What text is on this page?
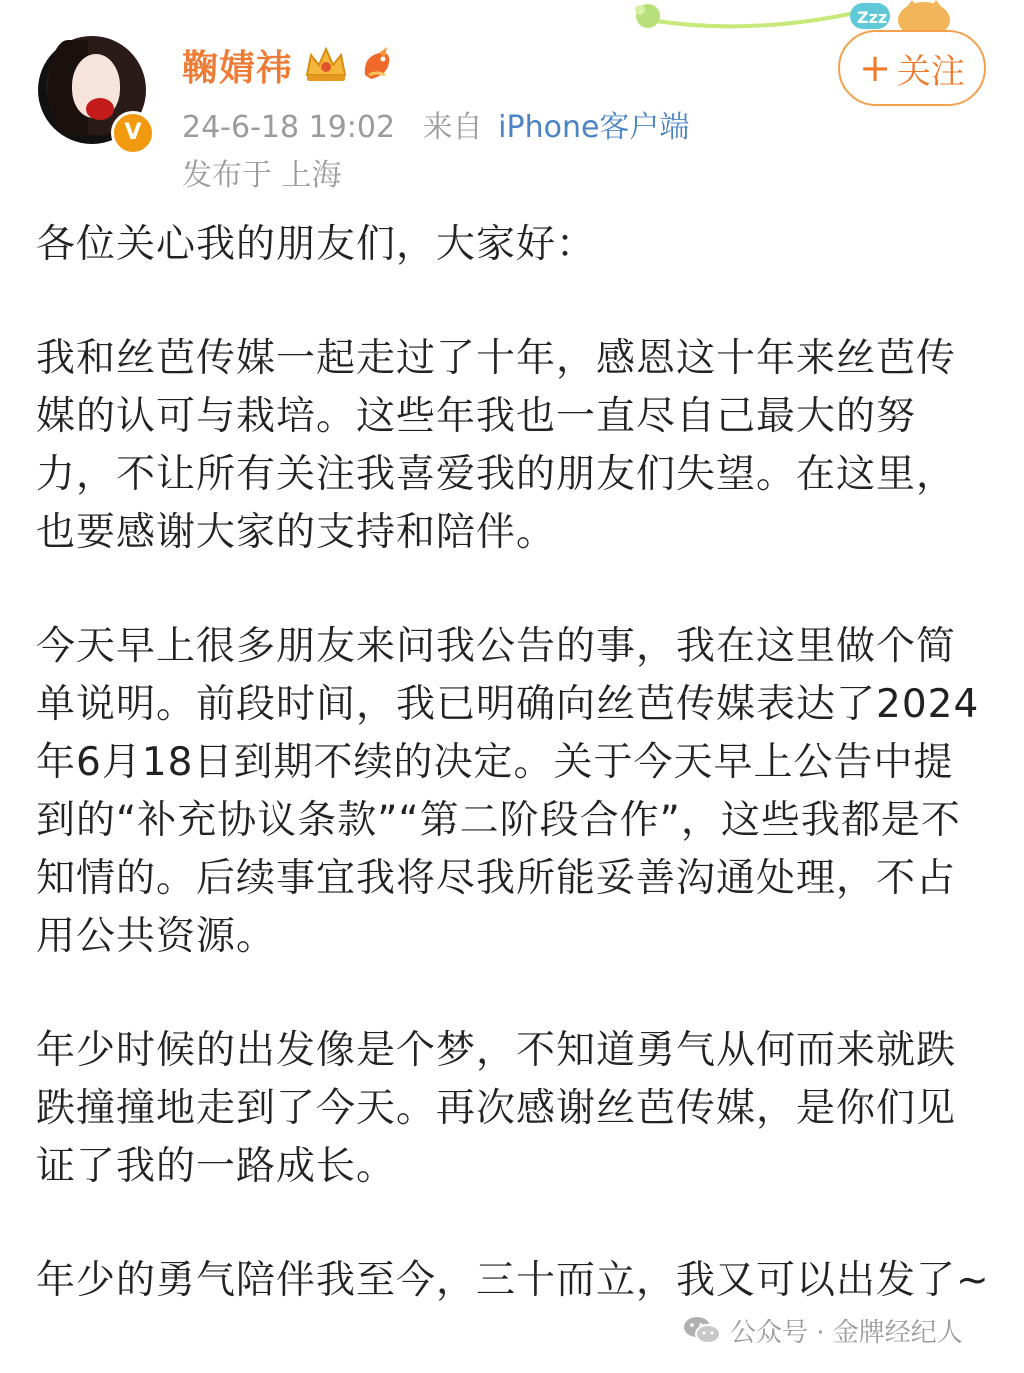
Zzz
V
鞠婧祎
24-6-18 19:02 来自 iPhone客户端
发布于 上海
+ 关注

各位关心我的朋友们，大家好：

我和丝芭传媒一起走过了十年，感恩这十年来丝芭传媒的认可与栽培。这些年我也一直尽自己最大的努力，不让所有关注我喜爱我的朋友们失望。在这里，也要感谢大家的支持和陪伴。

今天早上很多朋友来问我公告的事，我在这里做个简单说明。前段时间，我已明确向丝芭传媒表达了2024年6月18日到期不续的决定。关于今天早上公告中提到的“补充协议条款”“第二阶段合作”，这些我都是不知情的。后续事宜我将尽我所能妥善沟通处理，不占用公共资源。

年少时候的出发像是个梦，不知道勇气从何而来就跌跌撞撞地走到了今天。再次感谢丝芭传媒，是你们见证了我的一路成长。

年少的勇气陪伴我至今，三十而立，我又可以出发了~

公众号 · 金牌经纪人
